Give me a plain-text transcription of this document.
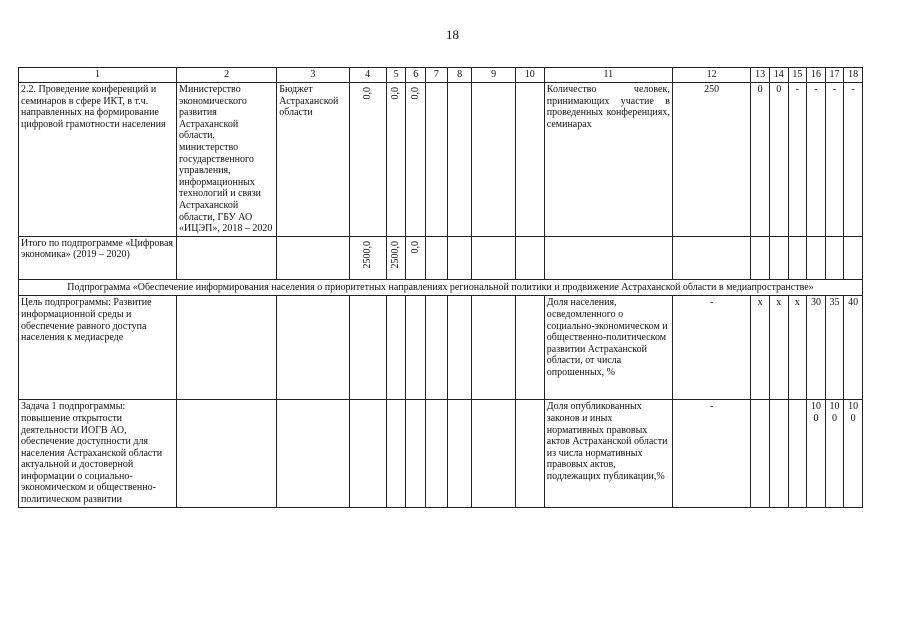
18
1	2	3	4	5	6	7	8	9	10	11	12	13	14	15	16	17	18
2.2. Проведение конференций и семинаров в сфере ИКТ, в т.ч. направленных на формирование цифровой грамотности населения	Министерство экономического развития Астраханской области, министерство государственного управления, информационных технологий и связи Астраханской области, ГБУ АО «ИЦЭП», 2018 – 2020	Бюджет Астраханской области	0,0	0,0	0,0					Количество человек, принимающих участие в проведенных конференциях, семинарах	250	0	0	-	-	-	-
Итого по подпрограмме «Цифровая экономика» (2019 – 2020)			2500,0	2500,0	0,0												
Подпрограмма «Обеспечение информирования населения о приоритетных направлениях региональной политики и продвижение Астраханской области в медиапространстве»																	
Цель подпрограммы: Развитие информационной среды и обеспечение равного доступа населения к медиасреде										Доля населения, осведомленного о социально-экономическом и общественно-политическом развитии Астраханской области, от числа опрошенных, %	-	x	x	x	30	35	40
Задача 1 подпрограммы: повышение открытости деятельности ИОГВ АО, обеспечение доступности для населения Астраханской области актуальной и достоверной информации о социально-экономическом и общественно-политическом развитии										Доля опубликованных законов и иных нормативных правовых актов Астраханской области из числа нормативных правовых актов, подлежащих публикации,%	-				100	100	100
